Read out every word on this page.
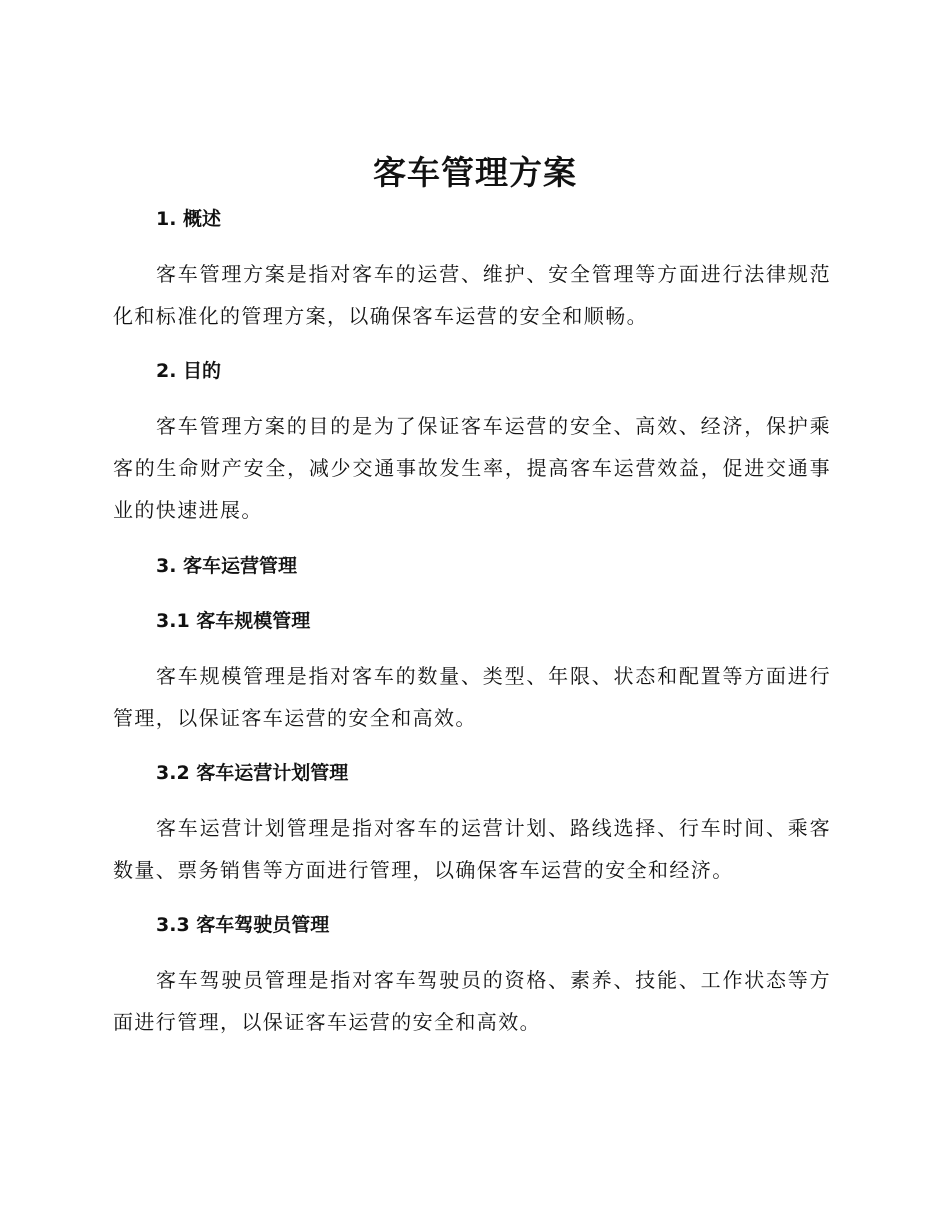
客车管理方案
1. 概述

客车管理方案是指对客车的运营、维护、安全管理等方面进行法律规范化和标准化的管理方案，以确保客车运营的安全和顺畅。

2. 目的

客车管理方案的目的是为了保证客车运营的安全、高效、经济，保护乘客的生命财产安全，减少交通事故发生率，提高客车运营效益，促进交通事业的快速进展。

3. 客车运营管理
3.1 客车规模管理

客车规模管理是指对客车的数量、类型、年限、状态和配置等方面进行管理，以保证客车运营的安全和高效。

3.2 客车运营计划管理

客车运营计划管理是指对客车的运营计划、路线选择、行车时间、乘客数量、票务销售等方面进行管理，以确保客车运营的安全和经济。

3.3 客车驾驶员管理

客车驾驶员管理是指对客车驾驶员的资格、素养、技能、工作状态等方面进行管理，以保证客车运营的安全和高效。
